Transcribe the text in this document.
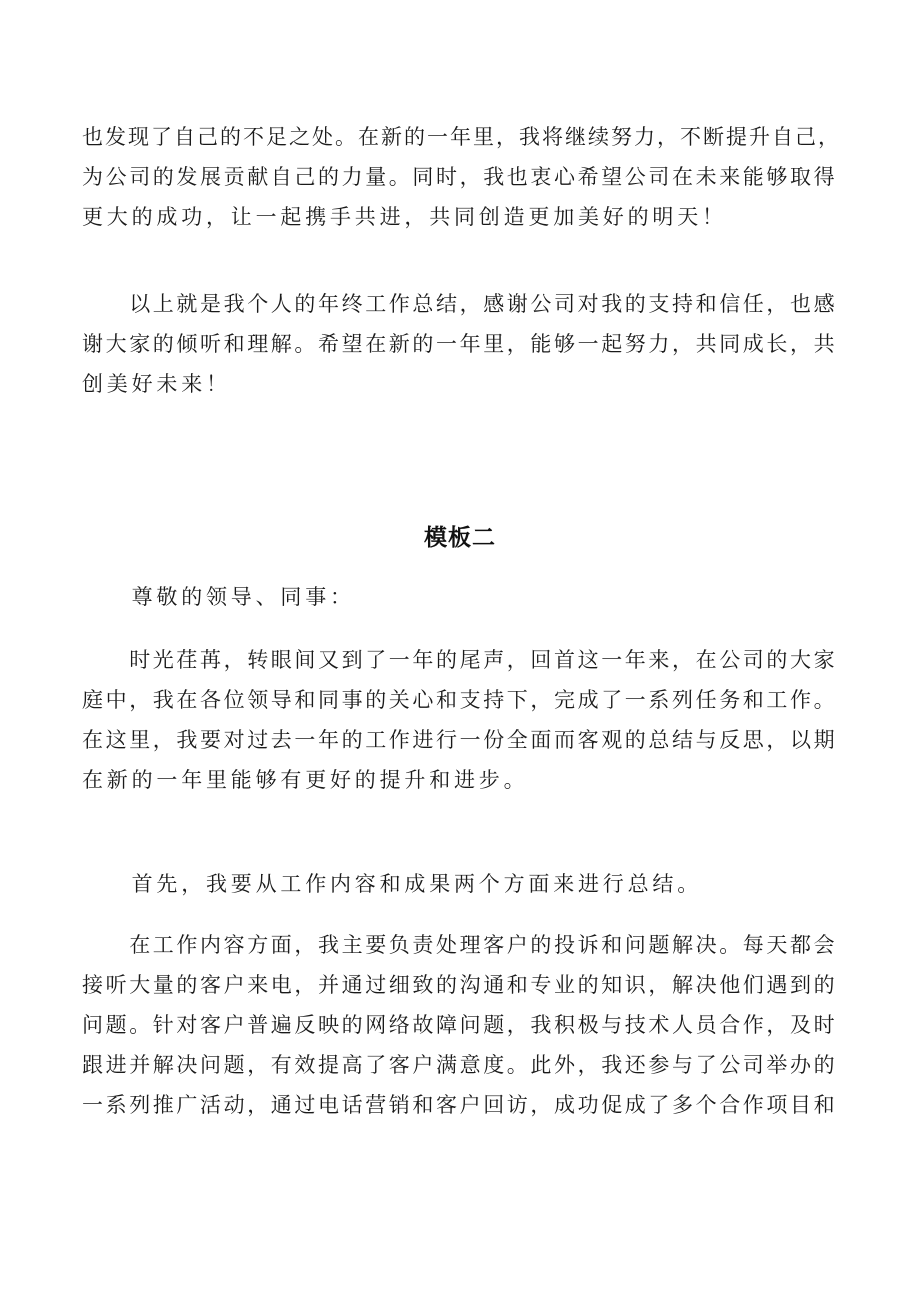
也发现了自己的不足之处。在新的一年里，我将继续努力，不断提升自己，
为公司的发展贡献自己的力量。同时，我也衷心希望公司在未来能够取得
更大的成功，让一起携手共进，共同创造更加美好的明天！
　　以上就是我个人的年终工作总结，感谢公司对我的支持和信任，也感
谢大家的倾听和理解。希望在新的一年里，能够一起努力，共同成长，共
创美好未来！
模板二
　　尊敬的领导、同事：
　　时光荏苒，转眼间又到了一年的尾声，回首这一年来，在公司的大家
庭中，我在各位领导和同事的关心和支持下，完成了一系列任务和工作。
在这里，我要对过去一年的工作进行一份全面而客观的总结与反思，以期
在新的一年里能够有更好的提升和进步。
　　首先，我要从工作内容和成果两个方面来进行总结。
　　在工作内容方面，我主要负责处理客户的投诉和问题解决。每天都会
接听大量的客户来电，并通过细致的沟通和专业的知识，解决他们遇到的
问题。针对客户普遍反映的网络故障问题，我积极与技术人员合作，及时
跟进并解决问题，有效提高了客户满意度。此外，我还参与了公司举办的
一系列推广活动，通过电话营销和客户回访，成功促成了多个合作项目和
